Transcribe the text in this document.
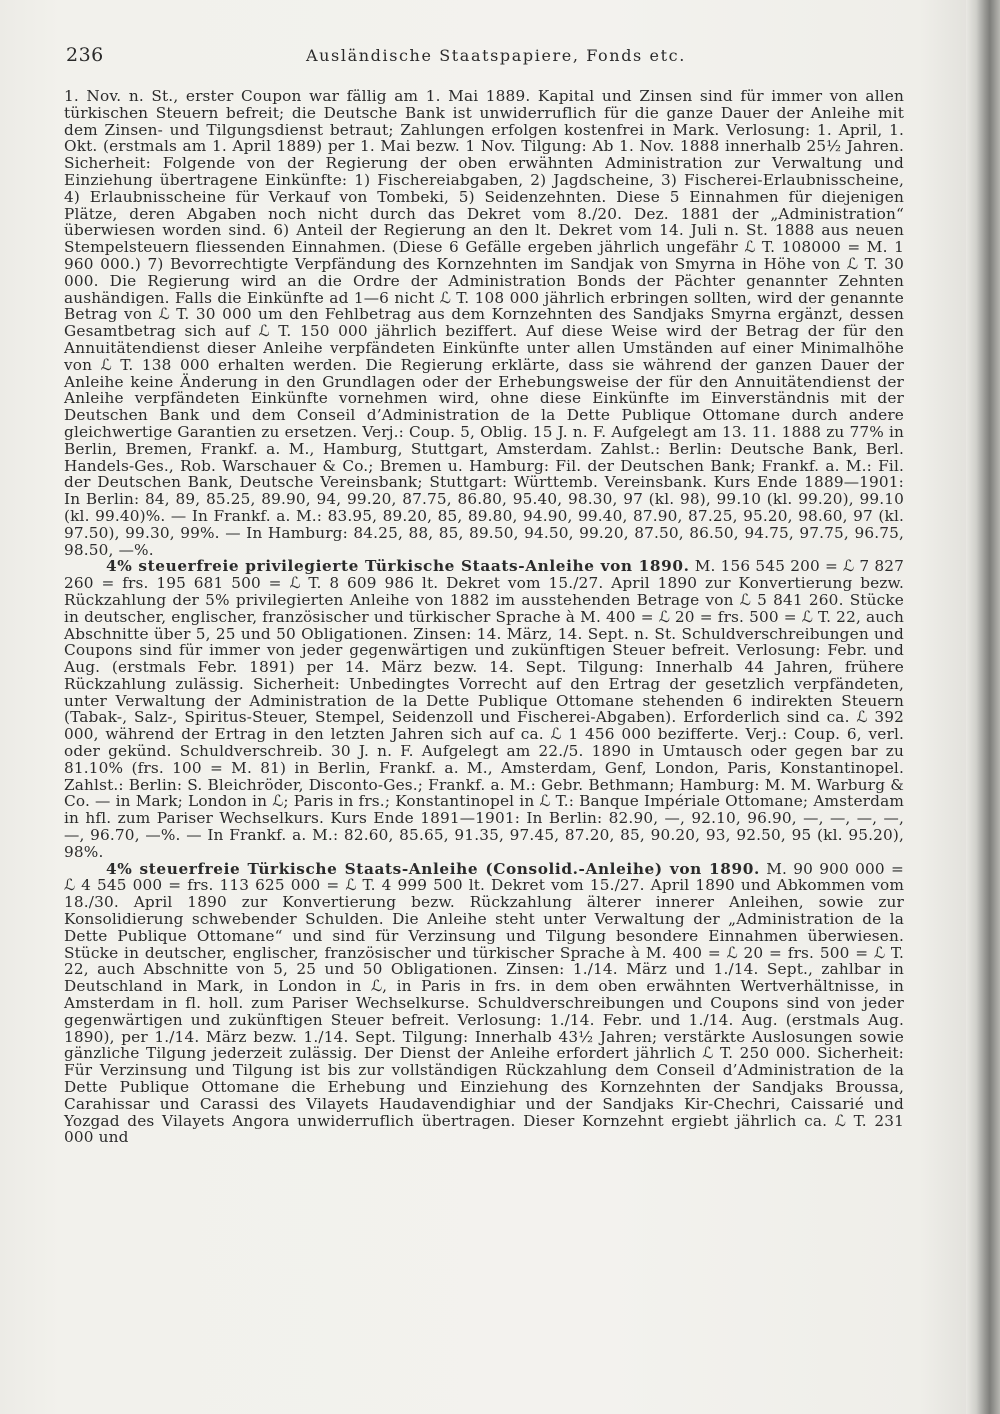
236	Ausländische Staatspapiere, Fonds etc.

1. Nov. n. St., erster Coupon war fällig am 1. Mai 1889. Kapital und Zinsen sind für immer von allen türkischen Steuern befreit; die Deutsche Bank ist unwiderruflich für die ganze Dauer der Anleihe mit dem Zinsen- und Tilgungsdienst betraut; Zahlungen erfolgen kostenfrei in Mark. Verlosung: 1. April, 1. Okt. (erstmals am 1. April 1889) per 1. Mai bezw. 1 Nov. Tilgung: Ab 1. Nov. 1888 innerhalb 25½ Jahren. Sicherheit: Folgende von der Regierung der oben erwähnten Administration zur Verwaltung und Einziehung übertragene Einkünfte: 1) Fischereiabgaben, 2) Jagdscheine, 3) Fischerei-Erlaubnisscheine, 4) Erlaubnisscheine für Verkauf von Tombeki, 5) Seidenzehnten. Diese 5 Einnahmen für diejenigen Plätze, deren Abgaben noch nicht durch das Dekret vom 8./20. Dez. 1881 der „Administration“ überwiesen worden sind. 6) Anteil der Regierung an den lt. Dekret vom 14. Juli n. St. 1888 aus neuen Stempelsteuern fliessenden Einnahmen. (Diese 6 Gefälle ergeben jährlich ungefähr ℒ T. 108000 = M. 1 960 000.) 7) Bevorrechtigte Verpfändung des Kornzehnten im Sandjak von Smyrna in Höhe von ℒ T. 30 000. Die Regierung wird an die Ordre der Administration Bonds der Pächter genannter Zehnten aushändigen. Falls die Einkünfte ad 1—6 nicht ℒ T. 108 000 jährlich erbringen sollten, wird der genannte Betrag von ℒ T. 30 000 um den Fehlbetrag aus dem Kornzehnten des Sandjaks Smyrna ergänzt, dessen Gesamtbetrag sich auf ℒ T. 150 000 jährlich beziffert. Auf diese Weise wird der Betrag der für den Annuitätendienst dieser Anleihe verpfändeten Einkünfte unter allen Umständen auf einer Minimalhöhe von ℒ T. 138 000 erhalten werden. Die Regierung erklärte, dass sie während der ganzen Dauer der Anleihe keine Änderung in den Grundlagen oder der Erhebungsweise der für den Annuitätendienst der Anleihe verpfändeten Einkünfte vornehmen wird, ohne diese Einkünfte im Einverständnis mit der Deutschen Bank und dem Conseil d’Administration de la Dette Publique Ottomane durch andere gleichwertige Garantien zu ersetzen. Verj.: Coup. 5, Oblig. 15 J. n. F. Aufgelegt am 13. 11. 1888 zu 77% in Berlin, Bremen, Frankf. a. M., Hamburg, Stuttgart, Amsterdam. Zahlst.: Berlin: Deutsche Bank, Berl. Handels-Ges., Rob. Warschauer & Co.; Bremen u. Hamburg: Fil. der Deutschen Bank; Frankf. a. M.: Fil. der Deutschen Bank, Deutsche Vereinsbank; Stuttgart: Württemb. Vereinsbank. Kurs Ende 1889—1901: In Berlin: 84, 89, 85.25, 89.90, 94, 99.20, 87.75, 86.80, 95.40, 98.30, 97 (kl. 98), 99.10 (kl. 99.20), 99.10 (kl. 99.40)%. — In Frankf. a. M.: 83.95, 89.20, 85, 89.80, 94.90, 99.40, 87.90, 87.25, 95.20, 98.60, 97 (kl. 97.50), 99.30, 99%. — In Hamburg: 84.25, 88, 85, 89.50, 94.50, 99.20, 87.50, 86.50, 94.75, 97.75, 96.75, 98.50, —%.

4% steuerfreie privilegierte Türkische Staats-Anleihe von 1890. M. 156 545 200 = ℒ 7 827 260 = frs. 195 681 500 = ℒ T. 8 609 986 lt. Dekret vom 15./27. April 1890 zur Konvertierung bezw. Rückzahlung der 5% privilegierten Anleihe von 1882 im ausstehenden Betrage von ℒ 5 841 260. Stücke in deutscher, englischer, französischer und türkischer Sprache à M. 400 = ℒ 20 = frs. 500 = ℒ T. 22, auch Abschnitte über 5, 25 und 50 Obligationen. Zinsen: 14. März, 14. Sept. n. St. Schuldverschreibungen und Coupons sind für immer von jeder gegenwärtigen und zukünftigen Steuer befreit. Verlosung: Febr. und Aug. (erstmals Febr. 1891) per 14. März bezw. 14. Sept. Tilgung: Innerhalb 44 Jahren, frühere Rückzahlung zulässig. Sicherheit: Unbedingtes Vorrecht auf den Ertrag der gesetzlich verpfändeten, unter Verwaltung der Administration de la Dette Publique Ottomane stehenden 6 indirekten Steuern (Tabak-, Salz-, Spiritus-Steuer, Stempel, Seidenzoll und Fischerei-Abgaben). Erforderlich sind ca. ℒ 392 000, während der Ertrag in den letzten Jahren sich auf ca. ℒ 1 456 000 bezifferte. Verj.: Coup. 6, verl. oder gekünd. Schuldverschreib. 30 J. n. F. Aufgelegt am 22./5. 1890 in Umtausch oder gegen bar zu 81.10% (frs. 100 = M. 81) in Berlin, Frankf. a. M., Amsterdam, Genf, London, Paris, Konstantinopel. Zahlst.: Berlin: S. Bleichröder, Disconto-Ges.; Frankf. a. M.: Gebr. Bethmann; Hamburg: M. M. Warburg & Co. — in Mark; London in ℒ; Paris in frs.; Konstantinopel in ℒ T.: Banque Impériale Ottomane; Amsterdam in hfl. zum Pariser Wechselkurs. Kurs Ende 1891—1901: In Berlin: 82.90, —, 92.10, 96.90, —, —, —, —, —, 96.70, —%. — In Frankf. a. M.: 82.60, 85.65, 91.35, 97.45, 87.20, 85, 90.20, 93, 92.50, 95 (kl. 95.20), 98%.

4% steuerfreie Türkische Staats-Anleihe (Consolid.-Anleihe) von 1890. M. 90 900 000 = ℒ 4 545 000 = frs. 113 625 000 = ℒ T. 4 999 500 lt. Dekret vom 15./27. April 1890 und Abkommen vom 18./30. April 1890 zur Konvertierung bezw. Rückzahlung älterer innerer Anleihen, sowie zur Konsolidierung schwebender Schulden. Die Anleihe steht unter Verwaltung der „Administration de la Dette Publique Ottomane“ und sind für Verzinsung und Tilgung besondere Einnahmen überwiesen. Stücke in deutscher, englischer, französischer und türkischer Sprache à M. 400 = ℒ 20 = frs. 500 = ℒ T. 22, auch Abschnitte von 5, 25 und 50 Obligationen. Zinsen: 1./14. März und 1./14. Sept., zahlbar in Deutschland in Mark, in London in ℒ, in Paris in frs. in dem oben erwähnten Wertverhältnisse, in Amsterdam in fl. holl. zum Pariser Wechselkurse. Schuldverschreibungen und Coupons sind von jeder gegenwärtigen und zukünftigen Steuer befreit. Verlosung: 1./14. Febr. und 1./14. Aug. (erstmals Aug. 1890), per 1./14. März bezw. 1./14. Sept. Tilgung: Innerhalb 43½ Jahren; verstärkte Auslosungen sowie gänzliche Tilgung jederzeit zulässig. Der Dienst der Anleihe erfordert jährlich ℒ T. 250 000. Sicherheit: Für Verzinsung und Tilgung ist bis zur vollständigen Rückzahlung dem Conseil d’Administration de la Dette Publique Ottomane die Erhebung und Einziehung des Kornzehnten der Sandjaks Broussa, Carahissar und Carassi des Vilayets Haudavendighiar und der Sandjaks Kir-Chechri, Caissarié und Yozgad des Vilayets Angora unwiderruflich übertragen. Dieser Kornzehnt ergiebt jährlich ca. ℒ T. 231 000 und
